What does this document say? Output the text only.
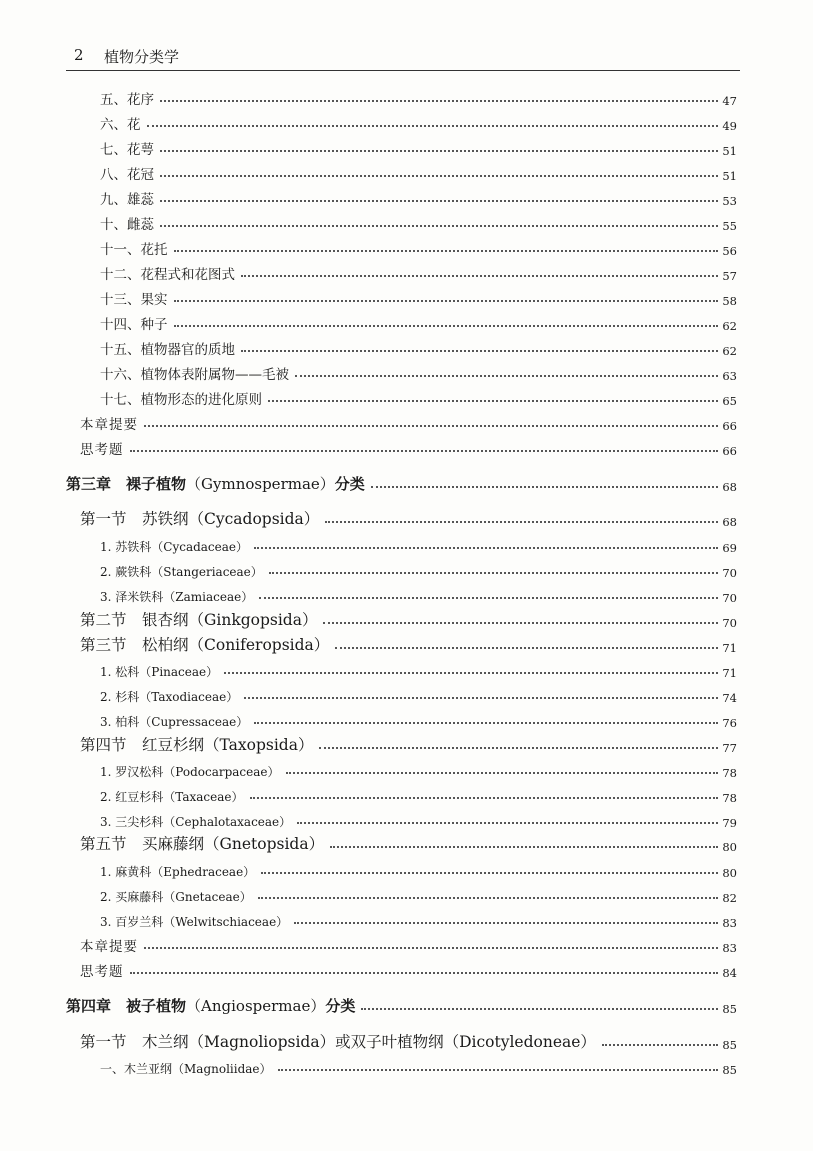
2 植物分类学
五、花序	47
六、花	49
七、花萼	51
八、花冠	51
九、雄蕊	53
十、雌蕊	55
十一、花托	56
十二、花程式和花图式	57
十三、果实	58
十四、种子	62
十五、植物器官的质地	62
十六、植物体表附属物——毛被	63
十七、植物形态的进化原则	65
本章提要	66
思考题	66
第三章　裸子植物（Gymnospermae）分类	68
第一节　苏铁纲（Cycadopsida）	68
1. 苏铁科（Cycadaceae）	69
2. 蕨铁科（Stangeriaceae）	70
3. 泽米铁科（Zamiaceae）	70
第二节　银杏纲（Ginkgopsida）	70
第三节　松柏纲（Coniferopsida）	71
1. 松科（Pinaceae）	71
2. 杉科（Taxodiaceae）	74
3. 柏科（Cupressaceae）	76
第四节　红豆杉纲（Taxopsida）	77
1. 罗汉松科（Podocarpaceae）	78
2. 红豆杉科（Taxaceae）	78
3. 三尖杉科（Cephalotaxaceae）	79
第五节　买麻藤纲（Gnetopsida）	80
1. 麻黄科（Ephedraceae）	80
2. 买麻藤科（Gnetaceae）	82
3. 百岁兰科（Welwitschiaceae）	83
本章提要	83
思考题	84
第四章　被子植物（Angiospermae）分类	85
第一节　木兰纲（Magnoliopsida）或双子叶植物纲（Dicotyledoneae）	85
一、木兰亚纲（Magnoliidae）	85
